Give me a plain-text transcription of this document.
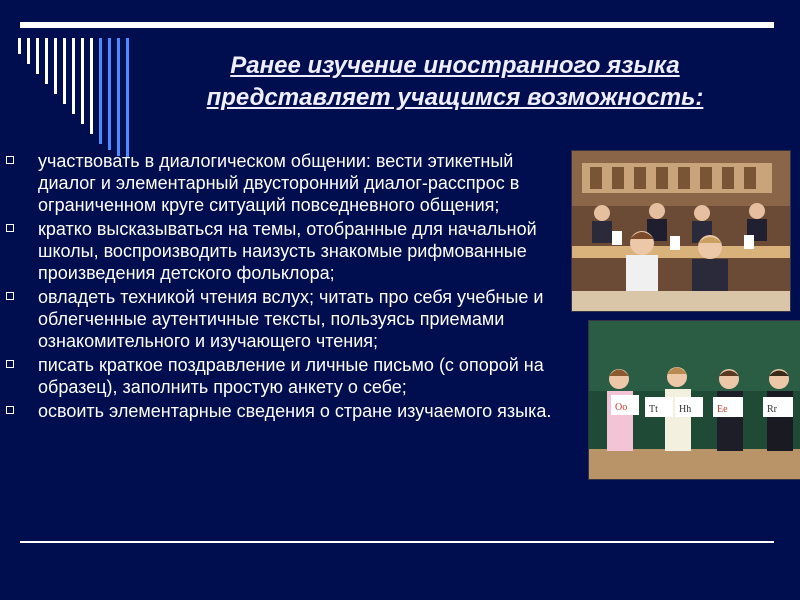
Ранее изучение иностранного языка
представляет учащимся возможность:
участвовать в диалогическом общении: вести этикетный диалог и элементарный двусторонний диалог-расспрос в ограниченном круге ситуаций повседневного общения;
кратко высказываться на темы, отобранные для начальной школы, воспроизводить наизусть знакомые рифмованные произведения детского фольклора;
овладеть техникой чтения вслух; читать про себя учебные и облегченные аутентичные тексты, пользуясь приемами ознакомительного и изучающего чтения;
писать краткое поздравление и личные письмо (с опорой на образец), заполнить простую анкету о себе;
освоить элементарные сведения о стране изучаемого языка.	Oo Tt Hh	Ee	Rr
